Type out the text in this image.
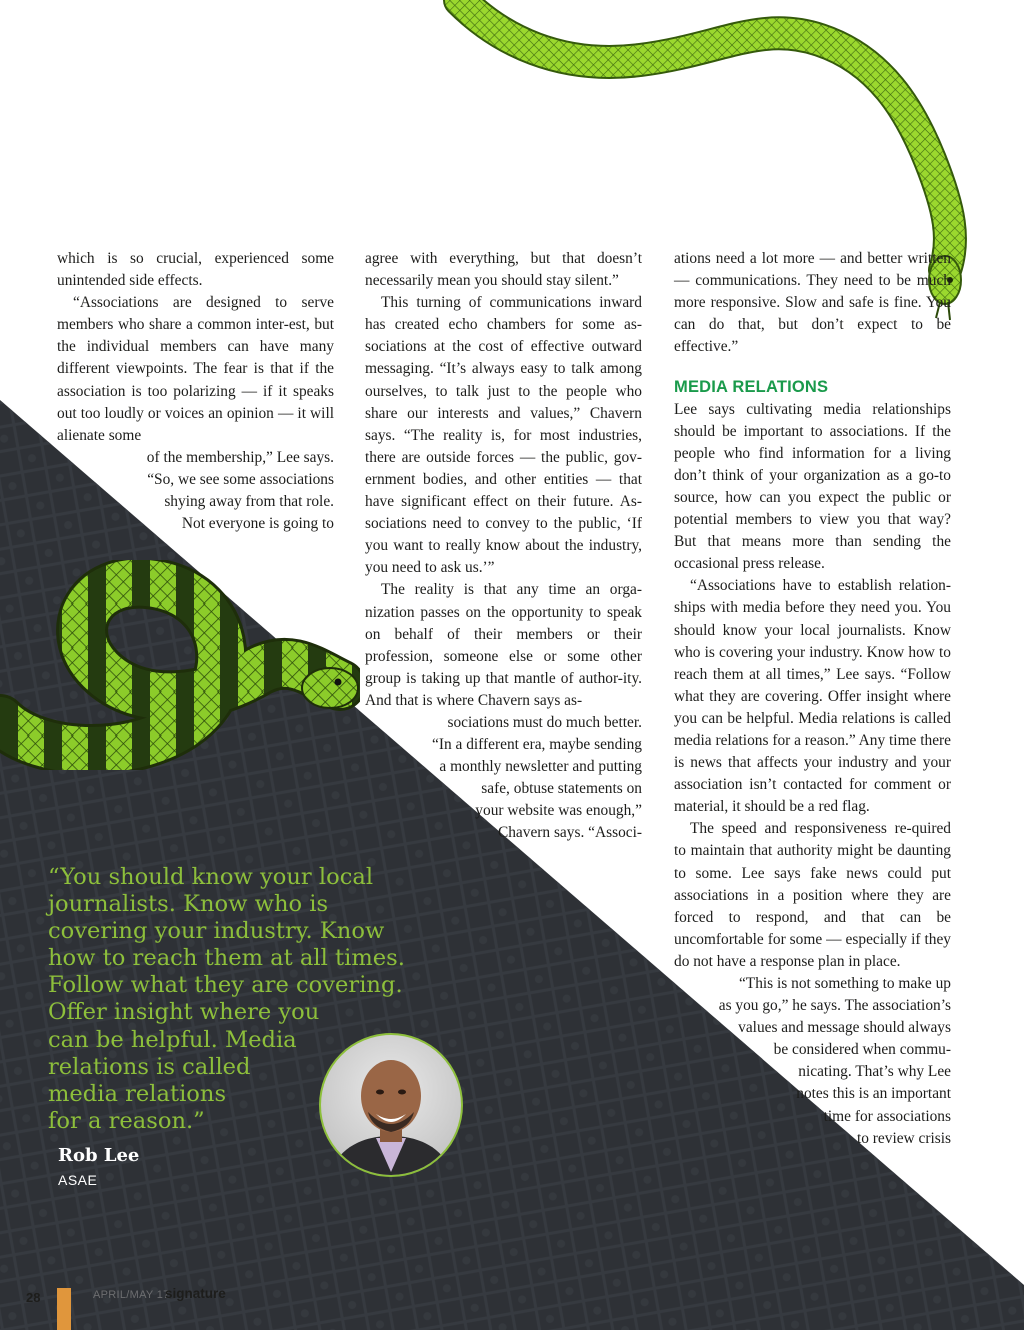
which is so crucial, experienced some unintended side effects.

“Associations are designed to serve members who share a common inter-est, but the individual members can have many different viewpoints. The fear is that if the association is too polarizing — if it speaks out too loudly or voices an opinion — it will alienate some

of the membership,” Lee says.

“So, we see some associations

shying away from that role.

Not everyone is going to

agree with everything, but that doesn’t necessarily mean you should stay silent.”

This turning of communications inward has created echo chambers for some as-sociations at the cost of effective outward messaging. “It’s always easy to talk among ourselves, to talk just to the people who share our interests and values,” Chavern says. “The reality is, for most industries, there are outside forces — the public, gov-ernment bodies, and other entities — that have significant effect on their future. As-sociations need to convey to the public, ‘If you want to really know about the industry, you need to ask us.’”

The reality is that any time an orga-nization passes on the opportunity to speak on behalf of their members or their profession, someone else or some other group is taking up that mantle of author-ity. And that is where Chavern says as-

sociations must do much better.

“In a different era, maybe sending

a monthly newsletter and putting

safe, obtuse statements on

your website was enough,”

Chavern says. “Associ-

ations need a lot more — and better written — communications. They need to be much more responsive. Slow and safe is fine. You can do that, but don’t expect to be effective.”

MEDIA RELATIONS

Lee says cultivating media relationships should be important to associations. If the people who find information for a living don’t think of your organization as a go-to source, how can you expect the public or potential members to view you that way? But that means more than sending the occasional press release.

“Associations have to establish relation-ships with media before they need you. You should know your local journalists. Know who is covering your industry. Know how to reach them at all times,” Lee says. “Follow what they are covering. Offer insight where you can be helpful. Media relations is called media relations for a reason.” Any time there is news that affects your industry and your association isn’t contacted for comment or material, it should be a red flag.

The speed and responsiveness re-quired to maintain that authority might be daunting to some. Lee says fake news could put associations in a position where they are forced to respond, and that can be uncomfortable for some — especially if they do not have a response plan in place.

“This is not something to make up

as you go,” he says. The association’s

values and message should always

be considered when commu-

nicating. That’s why Lee

notes this is an important

time for associations

to review crisis

“You should know your local

journalists. Know who is

covering your industry. Know

how to reach them at all times.

Follow what they are covering.

Offer insight where you

can be helpful. Media

relations is called

media relations

for a reason.”

Rob Lee
ASAE
28	APRIL/MAY 17
signature
